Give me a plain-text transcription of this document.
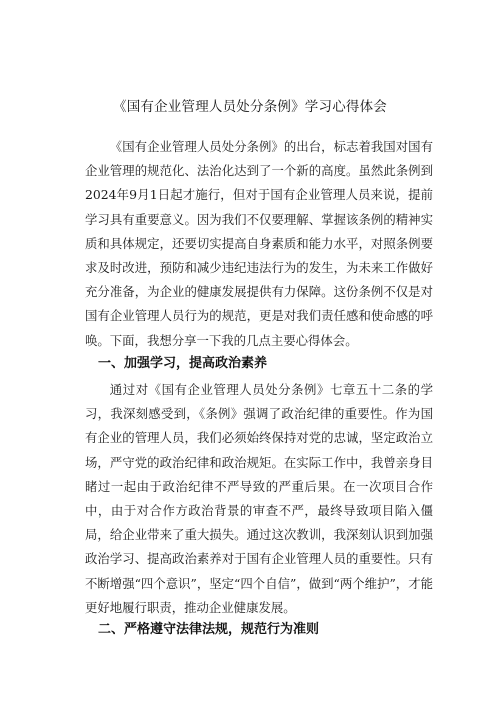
《国有企业管理人员处分条例》学习心得体会
《国有企业管理人员处分条例》的出台，标志着我国对国有企业管理的规范化、法治化达到了一个新的高度。虽然此条例到2024年9月1日起才施行，但对于国有企业管理人员来说，提前学习具有重要意义。因为我们不仅要理解、掌握该条例的精神实质和具体规定，还要切实提高自身素质和能力水平，对照条例要求及时改进，预防和减少违纪违法行为的发生，为未来工作做好充分准备，为企业的健康发展提供有力保障。这份条例不仅是对国有企业管理人员行为的规范，更是对我们责任感和使命感的呼唤。下面，我想分享一下我的几点主要心得体会。
一、加强学习，提高政治素养
通过对《国有企业管理人员处分条例》七章五十二条的学习，我深刻感受到，《条例》强调了政治纪律的重要性。作为国有企业的管理人员，我们必须始终保持对党的忠诚，坚定政治立场，严守党的政治纪律和政治规矩。在实际工作中，我曾亲身目睹过一起由于政治纪律不严导致的严重后果。在一次项目合作中，由于对合作方政治背景的审查不严，最终导致项目陷入僵局，给企业带来了重大损失。通过这次教训，我深刻认识到加强政治学习、提高政治素养对于国有企业管理人员的重要性。只有不断增强“四个意识”，坚定“四个自信”，做到“两个维护”，才能更好地履行职责，推动企业健康发展。
二、严格遵守法律法规，规范行为准则
